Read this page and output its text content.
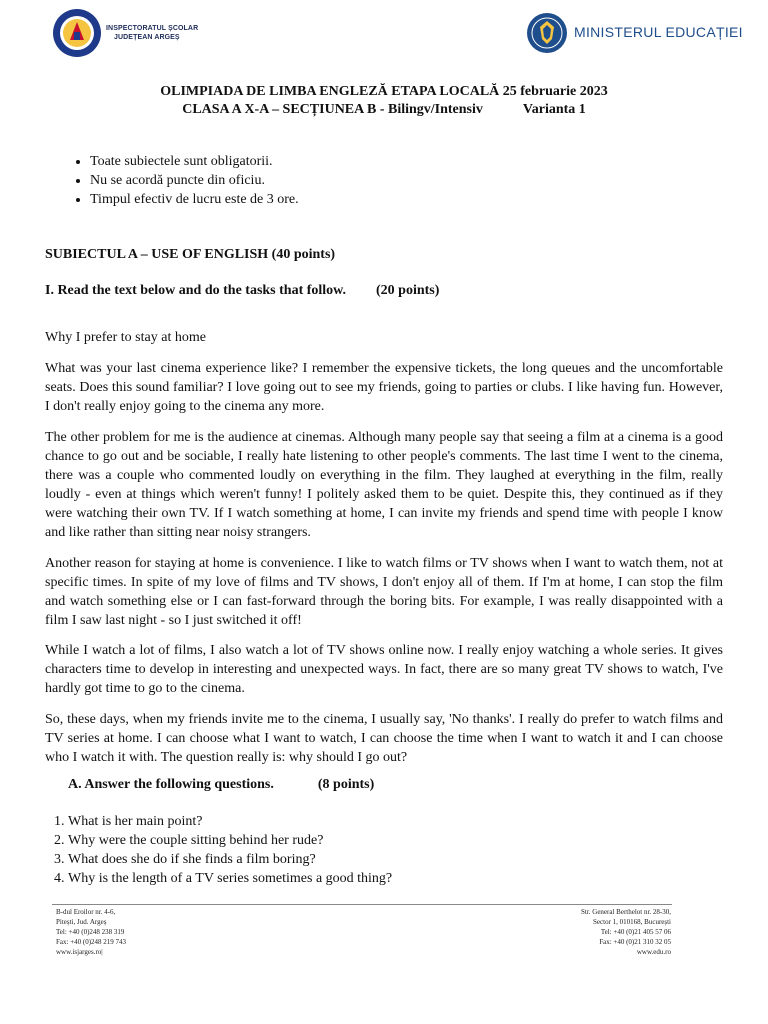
INSPECTORATUL ȘCOLAR
JUDEȚEAN ARGEȘ	MINISTERUL EDUCAȚIEI
OLIMPIADA DE LIMBA ENGLEZĂ ETAPA LOCALĂ 25 februarie 2023
CLASA A X-A – SECȚIUNEA B - Bilingv/Intensiv	Varianta 1
• Toate subiectele sunt obligatorii.
• Nu se acordă puncte din oficiu.
• Timpul efectiv de lucru este de 3 ore.
SUBIECTUL A – USE OF ENGLISH (40 points)
I. Read the text below and do the tasks that follow. (20 points)
Why I prefer to stay at home
What was your last cinema experience like? I remember the expensive tickets, the long queues and the uncomfortable seats. Does this sound familiar? I love going out to see my friends, going to parties or clubs. I like having fun. However, I don't really enjoy going to the cinema any more.
The other problem for me is the audience at cinemas. Although many people say that seeing a film at a cinema is a good chance to go out and be sociable, I really hate listening to other people's comments. The last time I went to the cinema, there was a couple who commented loudly on everything in the film. They laughed at everything in the film, really loudly - even at things which weren't funny! I politely asked them to be quiet. Despite this, they continued as if they were watching their own TV. If I watch something at home, I can invite my friends and spend time with people I know and like rather than sitting near noisy strangers.
Another reason for staying at home is convenience. I like to watch films or TV shows when I want to watch them, not at specific times. In spite of my love of films and TV shows, I don't enjoy all of them. If I'm at home, I can stop the film and watch something else or I can fast-forward through the boring bits. For example, I was really disappointed with a film I saw last night - so I just switched it off!
While I watch a lot of films, I also watch a lot of TV shows online now. I really enjoy watching a whole series. It gives characters time to develop in interesting and unexpected ways. In fact, there are so many great TV shows to watch, I've hardly got time to go to the cinema.
So, these days, when my friends invite me to the cinema, I usually say, 'No thanks'. I really do prefer to watch films and TV series at home. I can choose what I want to watch, I can choose the time when I want to watch it and I can choose who I watch it with. The question really is: why should I go out?
A. Answer the following questions.	(8 points)
1. What is her main point?
2. Why were the couple sitting behind her rude?
3. What does she do if she finds a film boring?
4. Why is the length of a TV series sometimes a good thing?
B-dul Eroilor nr. 4-6,
Pitești, Jud. Argeș
Tel: +40 (0)248 238 319
Fax: +40 (0)248 219 743
www.isjarges.ro|
Str. General Berthelot nr. 28-30,
Sector 1, 010168, București
Tel: +40 (0)21 405 57 06
Fax: +40 (0)21 310 32 05
www.edu.ro
